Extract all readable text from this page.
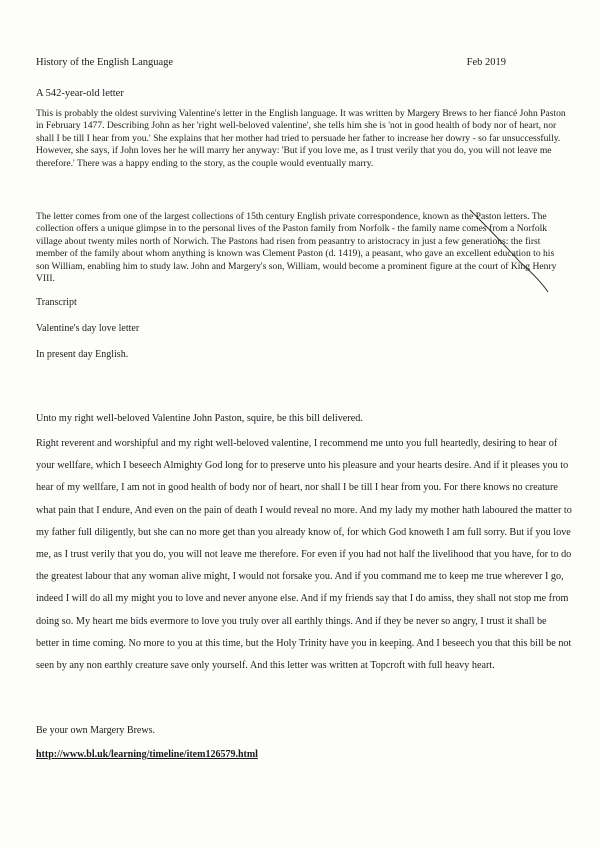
History of the English Language	Feb 2019
A 542-year-old letter

This is probably the oldest surviving Valentine's letter in the English language. It was written by Margery Brews to her fiancé John Paston in February 1477. Describing John as her 'right well-beloved valentine', she tells him she is 'not in good health of body nor of heart, nor shall I be till I hear from you.' She explains that her mother had tried to persuade her father to increase her dowry - so far unsuccessfully. However, she says, if John loves her he will marry her anyway: 'But if you love me, as I trust verily that you do, you will not leave me therefore.' There was a happy ending to the story, as the couple would eventually marry.

The letter comes from one of the largest collections of 15th century English private correspondence, known as the Paston letters. The collection offers a unique glimpse in to the personal lives of the Paston family from Norfolk - the family name comes from a Norfolk village about twenty miles north of Norwich. The Pastons had risen from peasantry to aristocracy in just a few generations: the first member of the family about whom anything is known was Clement Paston (d. 1419), a peasant, who gave an excellent education to his son William, enabling him to study law. John and Margery's son, William, would become a prominent figure at the court of King Henry VIII.

Transcript
Valentine's day love letter
In present day English.

Unto my right well-beloved Valentine John Paston, squire, be this bill delivered.

Right reverent and worshipful and my right well-beloved valentine, I recommend me unto you full heartedly, desiring to hear of your wellfare, which I beseech Almighty God long for to preserve unto his pleasure and your hearts desire. And if it pleases you to hear of my wellfare, I am not in good health of body nor of heart, nor shall I be till I hear from you. For there knows no creature what pain that I endure, And even on the pain of death I would reveal no more. And my lady my mother hath laboured the matter to my father full diligently, but she can no more get than you already know of, for which God knoweth I am full sorry. But if you love me, as I trust verily that you do, you will not leave me therefore. For even if you had not half the livelihood that you have, for to do the greatest labour that any woman alive might, I would not forsake you. And if you command me to keep me true wherever I go, indeed I will do all my might you to love and never anyone else. And if my friends say that I do amiss, they shall not stop me from doing so. My heart me bids evermore to love you truly over all earthly things. And if they be never so angry, I trust it shall be better in time coming. No more to you at this time, but the Holy Trinity have you in keeping. And I beseech you that this bill be not seen by any non earthly creature save only yourself. And this letter was written at Topcroft with full heavy heart.

Be your own Margery Brews.
http://www.bl.uk/learning/timeline/item126579.html
